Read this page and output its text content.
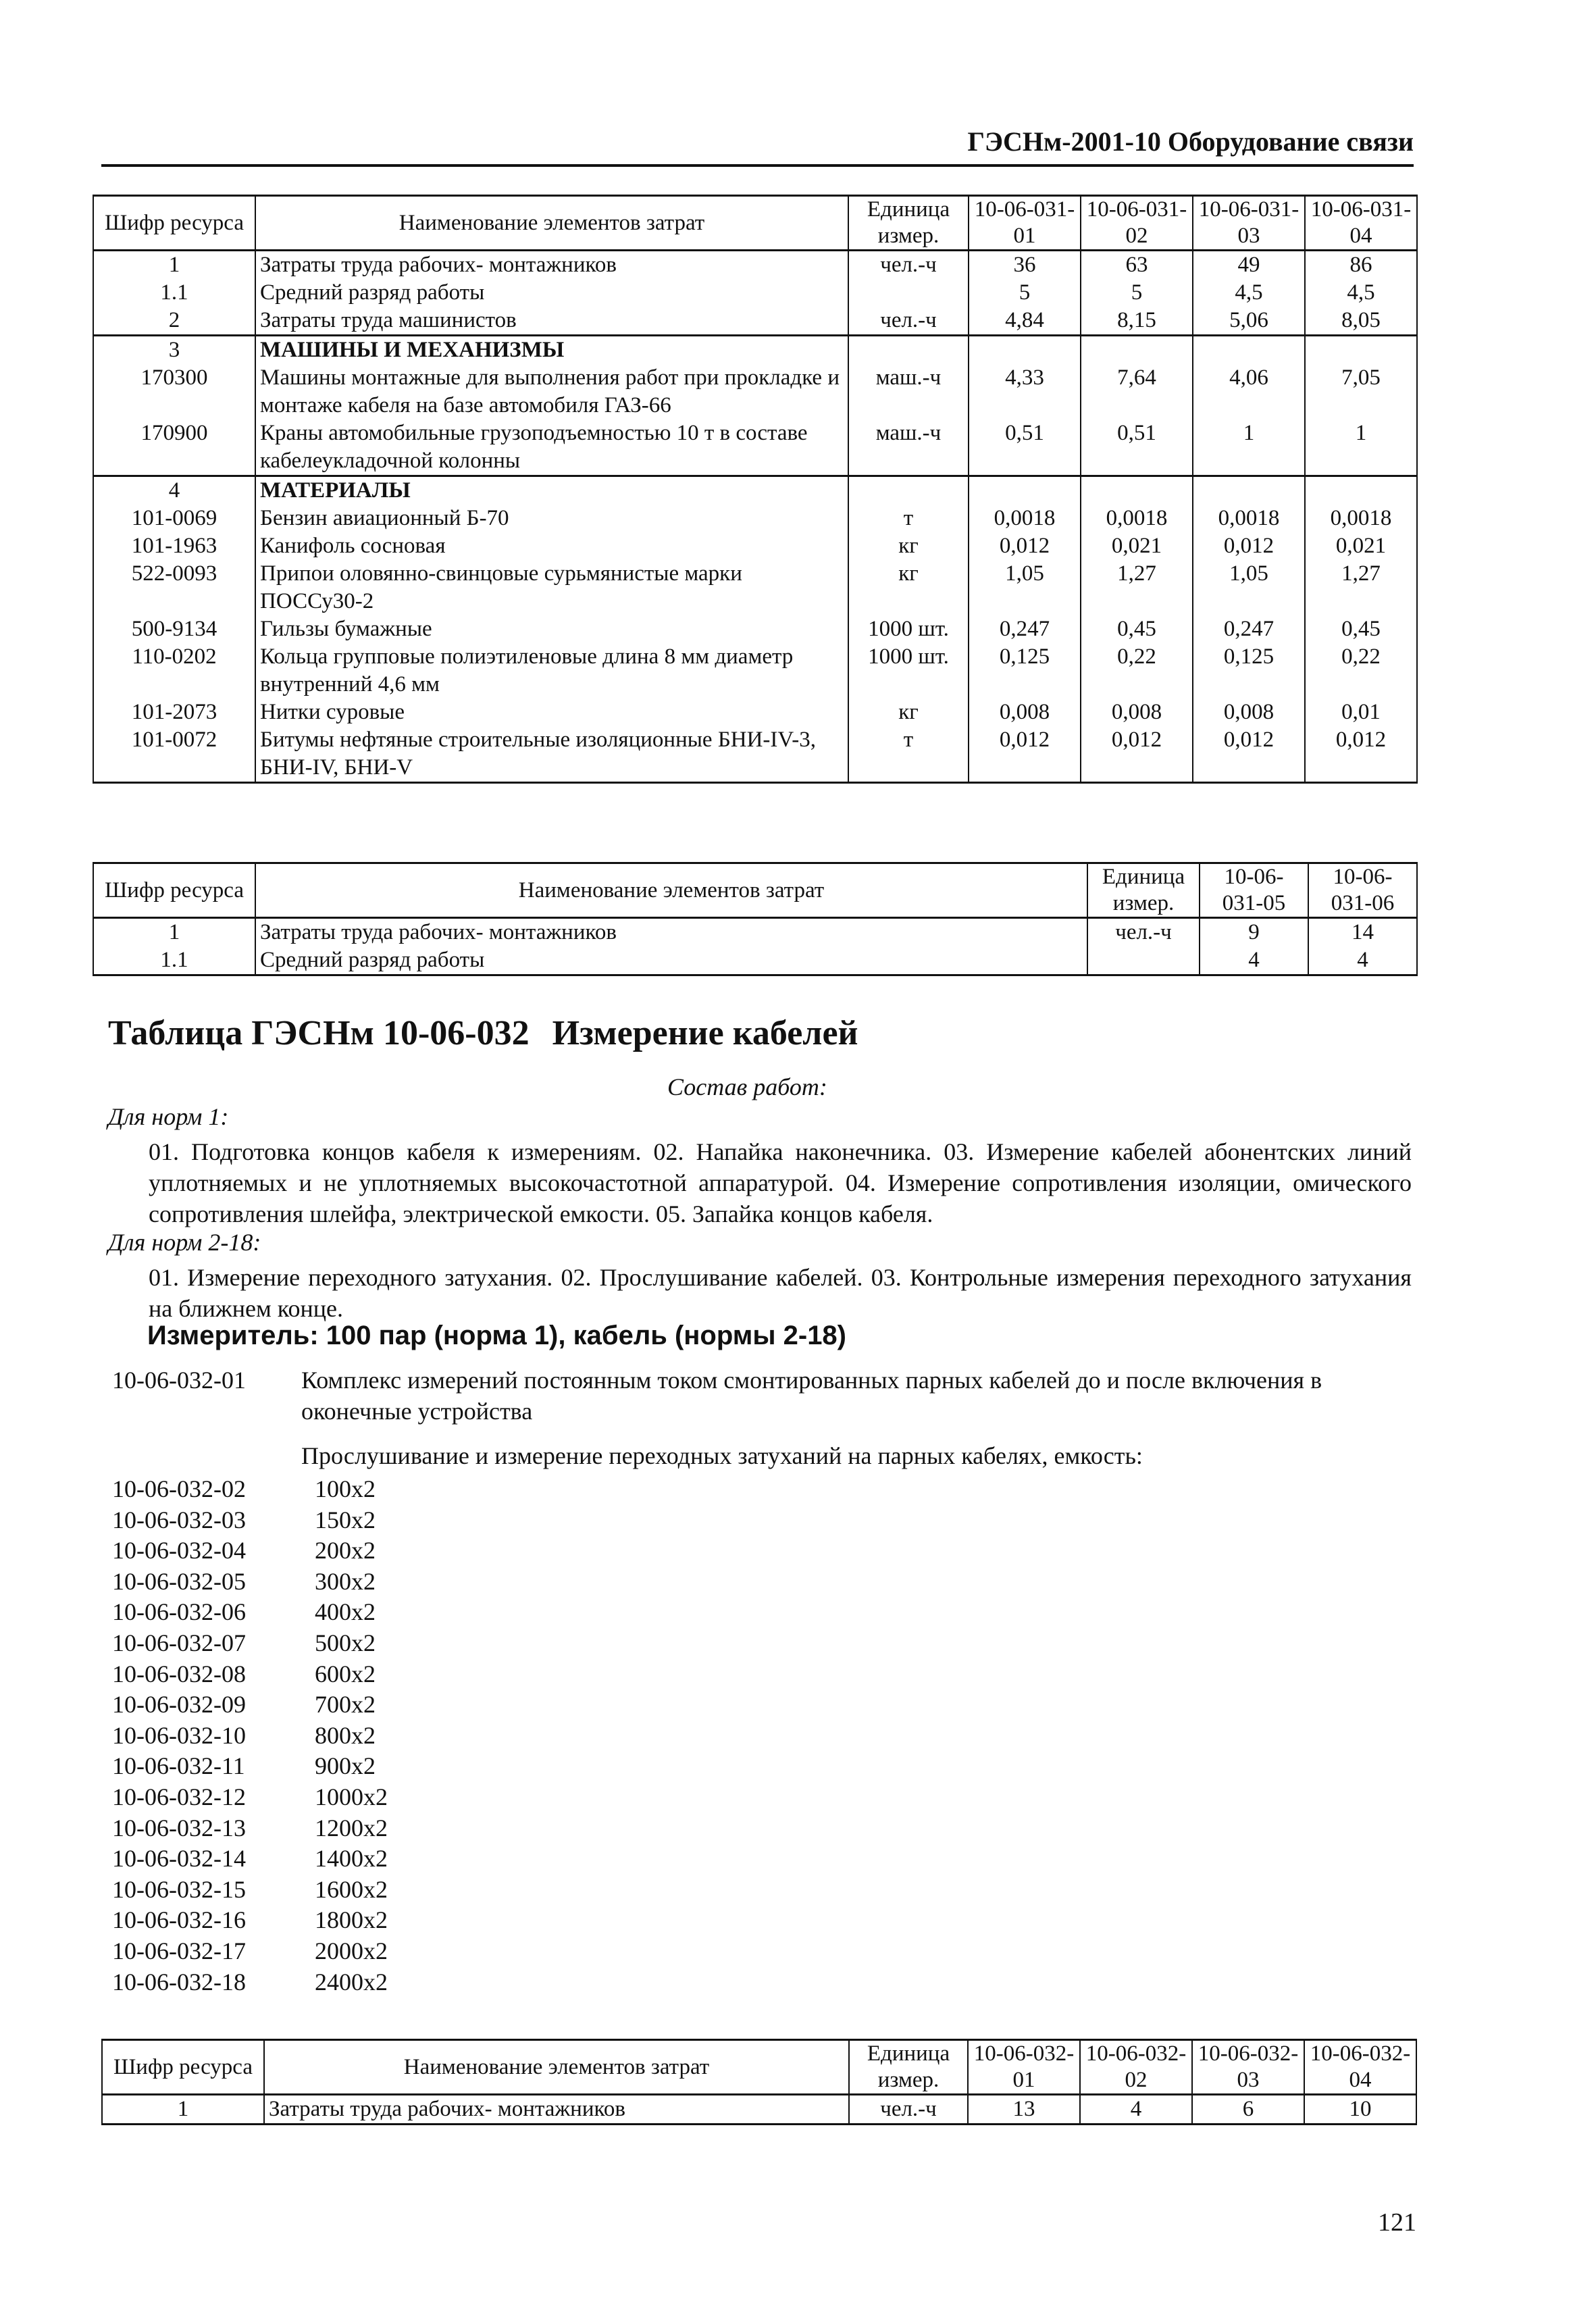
ГЭСНм-2001-10 Оборудование связи
Шифр ресурса	Наименование элементов затрат	Единица измер.	10-06-031-01	10-06-031-02	10-06-031-03	10-06-031-04
1	Затраты труда рабочих- монтажников	чел.-ч	36	63	49	86
1.1	Средний разряд работы		5	5	4,5	4,5
2	Затраты труда машинистов	чел.-ч	4,84	8,15	5,06	8,05
3	МАШИНЫ И МЕХАНИЗМЫ					
170300	Машины монтажные для выполнения работ при прокладке и монтаже кабеля на базе автомобиля ГАЗ-66	маш.-ч	4,33	7,64	4,06	7,05
170900	Краны автомобильные грузоподъемностью 10 т в составе кабелеукладочной колонны	маш.-ч	0,51	0,51	1	1
4	МАТЕРИАЛЫ					
101-0069	Бензин авиационный Б-70	т	0,0018	0,0018	0,0018	0,0018
101-1963	Канифоль сосновая	кг	0,012	0,021	0,012	0,021
522-0093	Припои оловянно-свинцовые сурьмянистые марки ПОССу30-2	кг	1,05	1,27	1,05	1,27
500-9134	Гильзы бумажные	1000 шт.	0,247	0,45	0,247	0,45
110-0202	Кольца групповые полиэтиленовые длина 8 мм диаметр внутренний 4,6 мм	1000 шт.	0,125	0,22	0,125	0,22
101-2073	Нитки суровые	кг	0,008	0,008	0,008	0,01
101-0072	Битумы нефтяные строительные изоляционные БНИ-IV-3, БНИ-IV, БНИ-V	т	0,012	0,012	0,012	0,012
Шифр ресурса	Наименование элементов затрат	Единица измер.	10-06-031-05	10-06-031-06
1	Затраты труда рабочих- монтажников	чел.-ч	9	14
1.1	Средний разряд работы		4	4
Таблица ГЭСНм 10-06-032 Измерение кабелей
Состав работ:
Для норм 1:
01. Подготовка концов кабеля к измерениям. 02. Напайка наконечника. 03. Измерение кабелей абонентских линий уплотняемых и не уплотняемых высокочастотной аппаратурой. 04. Измерение сопротивления изоляции, омического сопротивления шлейфа, электрической емкости. 05. Запайка концов кабеля.
Для норм 2-18:
01. Измерение переходного затухания. 02. Прослушивание кабелей. 03. Контрольные измерения переходного затухания на ближнем конце.
Измеритель: 100 пар (норма 1), кабель (нормы 2-18)
10-06-032-01 Комплекс измерений постоянным током смонтированных парных кабелей до и после включения в оконечные устройства
Прослушивание и измерение переходных затуханий на парных кабелях, емкость:
10-06-032-02	100x2
10-06-032-03	150x2
10-06-032-04	200x2
10-06-032-05	300x2
10-06-032-06	400x2
10-06-032-07	500x2
10-06-032-08	600x2
10-06-032-09	700x2
10-06-032-10	800x2
10-06-032-11	900x2
10-06-032-12	1000x2
10-06-032-13	1200x2
10-06-032-14	1400x2
10-06-032-15	1600x2
10-06-032-16	1800x2
10-06-032-17	2000x2
10-06-032-18	2400x2
Шифр ресурса	Наименование элементов затрат	Единица измер.	10-06-032-01	10-06-032-02	10-06-032-03	10-06-032-04
1	Затраты труда рабочих- монтажников	чел.-ч	13	4	6	10
121
